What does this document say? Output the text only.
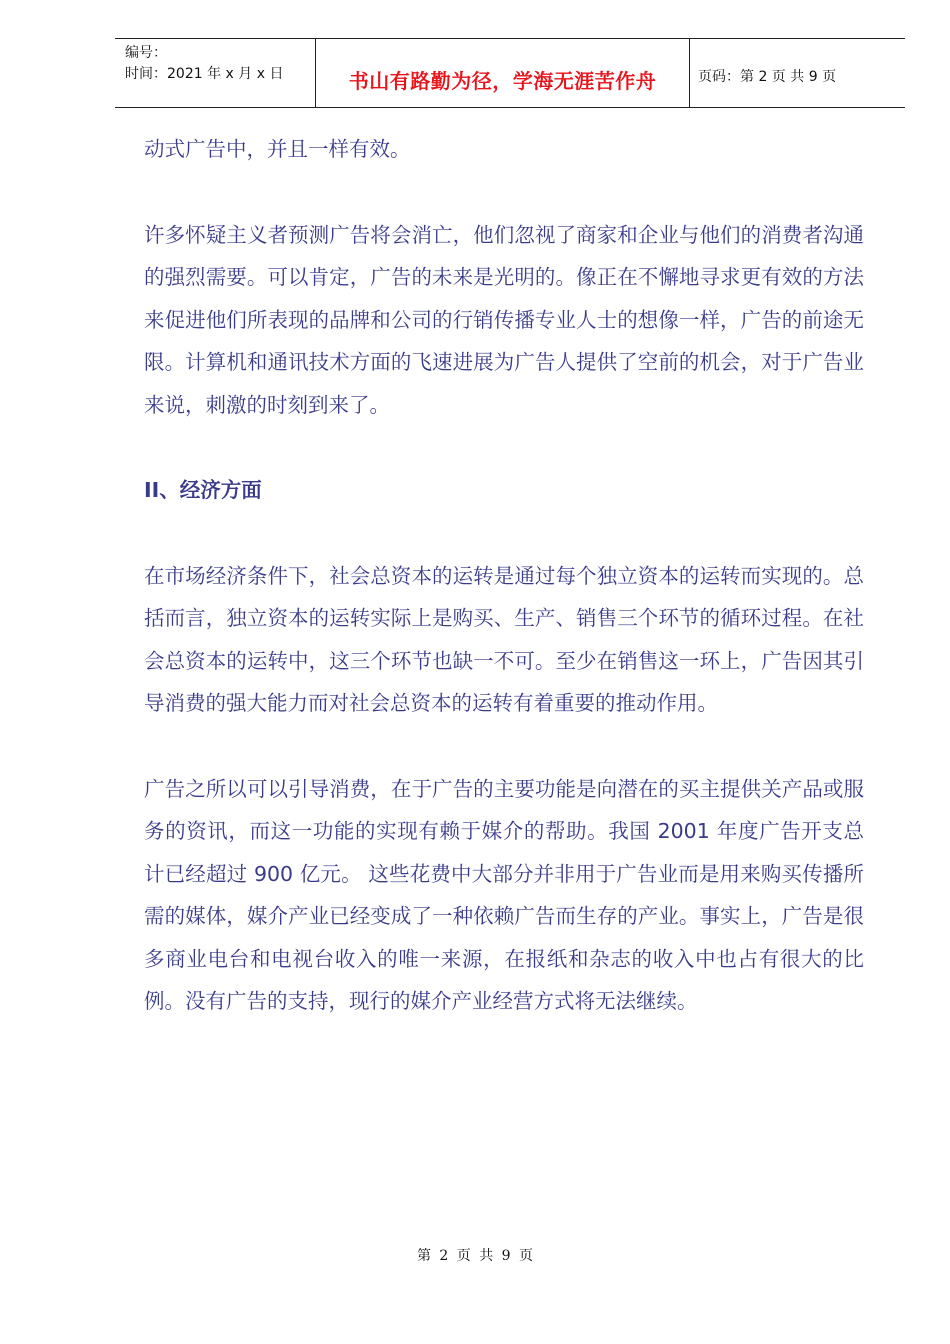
编号：
时间：2021 年 x 月 x 日	书山有路勤为径，学海无涯苦作舟	页码：第 2 页 共 9 页

动式广告中，并且一样有效。

许多怀疑主义者预测广告将会消亡，他们忽视了商家和企业与他们的消费者沟通的强烈需要。可以肯定，广告的未来是光明的。像正在不懈地寻求更有效的方法来促进他们所表现的品牌和公司的行销传播专业人士的想像一样，广告的前途无限。计算机和通讯技术方面的飞速进展为广告人提供了空前的机会，对于广告业来说，刺激的时刻到来了。

II、经济方面

在市场经济条件下，社会总资本的运转是通过每个独立资本的运转而实现的。总括而言，独立资本的运转实际上是购买、生产、销售三个环节的循环过程。在社会总资本的运转中，这三个环节也缺一不可。至少在销售这一环上，广告因其引导消费的强大能力而对社会总资本的运转有着重要的推动作用。

广告之所以可以引导消费，在于广告的主要功能是向潜在的买主提供关产品或服务的资讯，而这一功能的实现有赖于媒介的帮助。我国 2001 年度广告开支总计已经超过 900 亿元。 这些花费中大部分并非用于广告业而是用来购买传播所需的媒体，媒介产业已经变成了一种依赖广告而生存的产业。事实上，广告是很多商业电台和电视台收入的唯一来源，在报纸和杂志的收入中也占有很大的比例。没有广告的支持，现行的媒介产业经营方式将无法继续。

第 2 页 共 9 页
